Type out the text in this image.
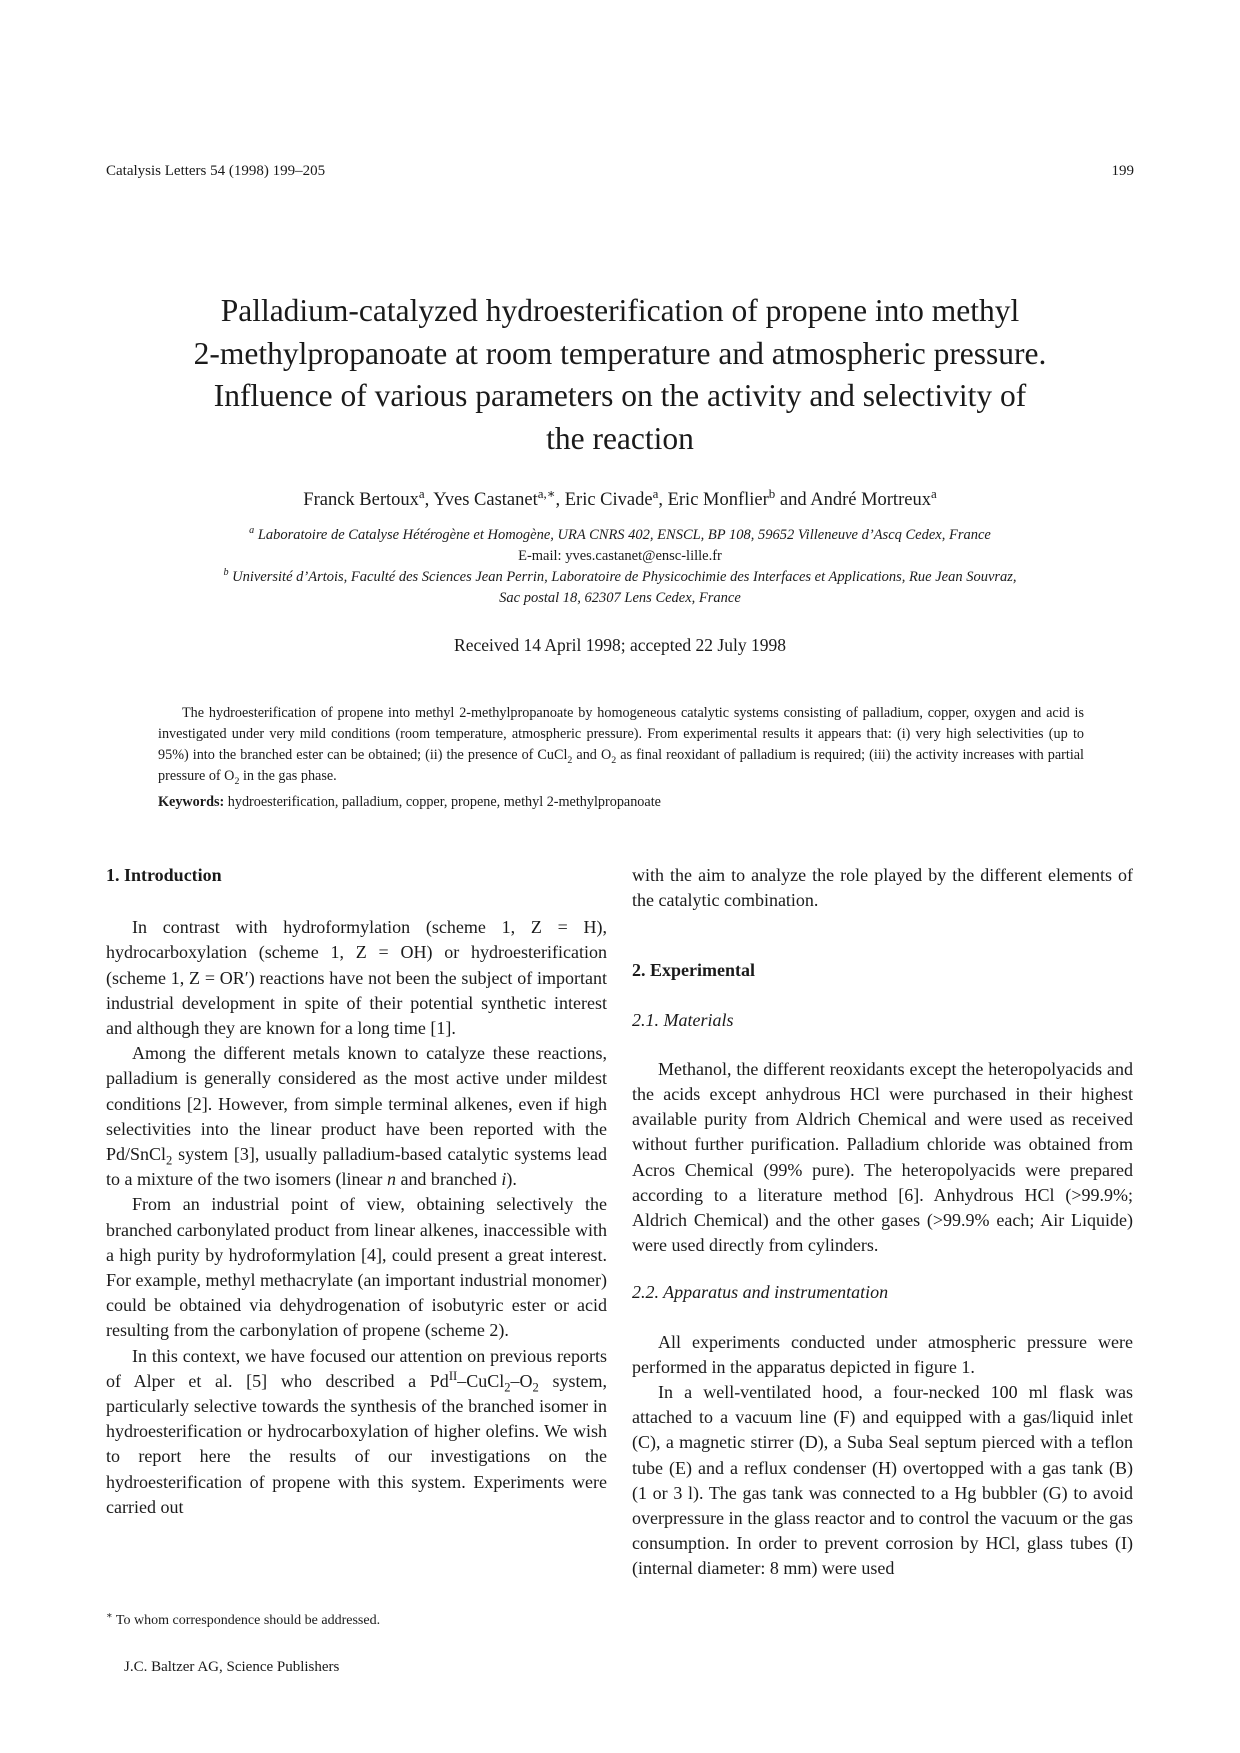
Catalysis Letters 54 (1998) 199–205	199
Palladium-catalyzed hydroesterification of propene into methyl
2-methylpropanoate at room temperature and atmospheric pressure.
Influence of various parameters on the activity and selectivity of
the reaction
Franck Bertoux$^a$, Yves Castanet$^{a,∗}$, Eric Civade$^a$, Eric Monflier$^b$ and André Mortreux$^a$
$^a$ Laboratoire de Catalyse Hétérogène et Homogène, URA CNRS 402, ENSCL, BP 108, 59652 Villeneuve d’Ascq Cedex, France
E-mail: yves.castanet@ensc-lille.fr
$^b$ Université d’Artois, Faculté des Sciences Jean Perrin, Laboratoire de Physicochimie des Interfaces et Applications, Rue Jean Souvraz,
Sac postal 18, 62307 Lens Cedex, France
Received 14 April 1998; accepted 22 July 1998
The hydroesterification of propene into methyl 2-methylpropanoate by homogeneous catalytic systems consisting of palladium, copper, oxygen and acid is investigated under very mild conditions (room temperature, atmospheric pressure). From experimental results it appears that: (i) very high selectivities (up to 95%) into the branched ester can be obtained; (ii) the presence of CuCl$_2$ and $O_2$ as final reoxidant of palladium is required; (iii) the activity increases with partial pressure of $O_2$ in the gas phase.
Keywords: hydroesterification, palladium, copper, propene, methyl 2-methylpropanoate
1. Introduction

In contrast with hydroformylation (scheme 1, Z = H), hydrocarboxylation (scheme 1, Z = OH) or hydroesterification (scheme 1, Z = OR′) reactions have not been the subject of important industrial development in spite of their potential synthetic interest and although they are known for a long time [1].

Among the different metals known to catalyze these reactions, palladium is generally considered as the most active under mildest conditions [2]. However, from simple terminal alkenes, even if high selectivities into the linear product have been reported with the Pd/SnCl$_2$ system [3], usually palladium-based catalytic systems lead to a mixture of the two isomers (linear n and branched i).

From an industrial point of view, obtaining selectively the branched carbonylated product from linear alkenes, inaccessible with a high purity by hydroformylation [4], could present a great interest. For example, methyl methacrylate (an important industrial monomer) could be obtained via dehydrogenation of isobutyric ester or acid resulting from the carbonylation of propene (scheme 2).

In this context, we have focused our attention on previous reports of Alper et al. [5] who described a $Pd^{II}-CuCl_2-O_2$ system, particularly selective towards the synthesis of the branched isomer in hydroesterification or hydrocarboxylation of higher olefins. We wish to report here the results of our investigations on the hydroesterification of propene with this system. Experiments were carried out

with the aim to analyze the role played by the different elements of the catalytic combination.

2. Experimental
2.1. Materials

Methanol, the different reoxidants except the heteropolyacids and the acids except anhydrous HCl were purchased in their highest available purity from Aldrich Chemical and were used as received without further purification. Palladium chloride was obtained from Acros Chemical (99% pure). The heteropolyacids were prepared according to a literature method [6]. Anhydrous HCl (>99.9%; Aldrich Chemical) and the other gases (>99.9% each; Air Liquide) were used directly from cylinders.

2.2. Apparatus and instrumentation

All experiments conducted under atmospheric pressure were performed in the apparatus depicted in figure 1.

In a well-ventilated hood, a four-necked 100 ml flask was attached to a vacuum line (F) and equipped with a gas/liquid inlet (C), a magnetic stirrer (D), a Suba Seal septum pierced with a teflon tube (E) and a reflux condenser (H) overtopped with a gas tank (B) (1 or 3 l). The gas tank was connected to a Hg bubbler (G) to avoid overpressure in the glass reactor and to control the vacuum or the gas consumption. In order to prevent corrosion by HCl, glass tubes (I) (internal diameter: 8 mm) were used

∗ To whom correspondence should be addressed.
J.C. Baltzer AG, Science Publishers
